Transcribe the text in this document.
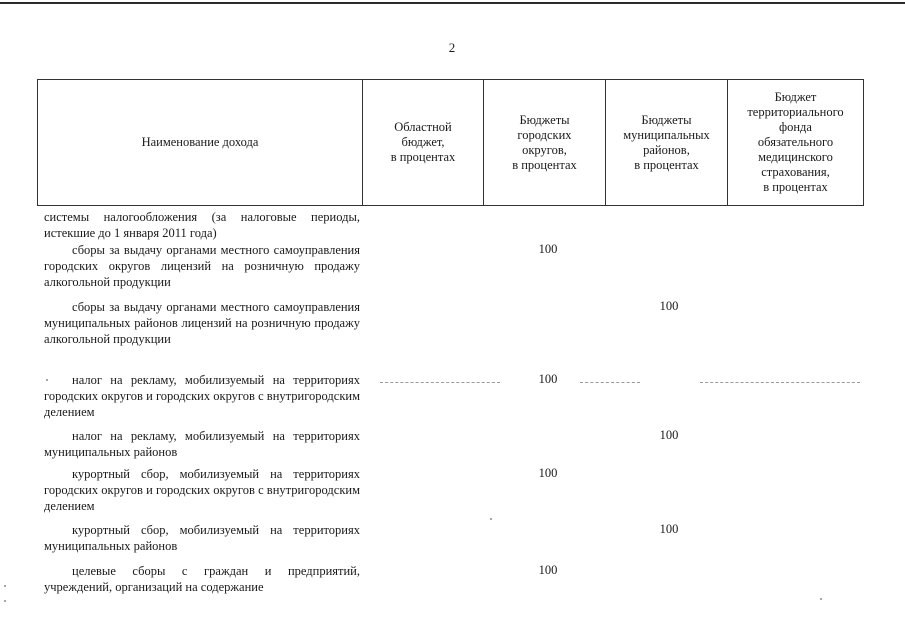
2
Наименование дохода
Областной
бюджет,
в процентах
Бюджеты
городских
округов,
в процентах
Бюджеты
муниципальных
районов,
в процентах
Бюджет
территориального
фонда
обязательного
медицинского
страхования,
в процентах
системы налогообложения (за налоговые периоды, истекшие до 1 января 2011 года)
сборы за выдачу органами местного самоуправления городских округов лицензий на розничную продажу алкогольной продукции
100
сборы за выдачу органами местного самоуправления муниципальных районов лицензий на розничную продажу алкогольной продукции
100
налог на рекламу, мобилизуемый на территориях городских округов и городских округов с внутригородским делением
100
налог на рекламу, мобилизуемый на территориях муниципальных районов
100
курортный сбор, мобилизуемый на территориях городских округов и городских округов с внутригородским делением
100
курортный сбор, мобилизуемый на территориях муниципальных районов
100
целевые сборы с граждан и предприятий, учреждений, организаций на содержание
100
